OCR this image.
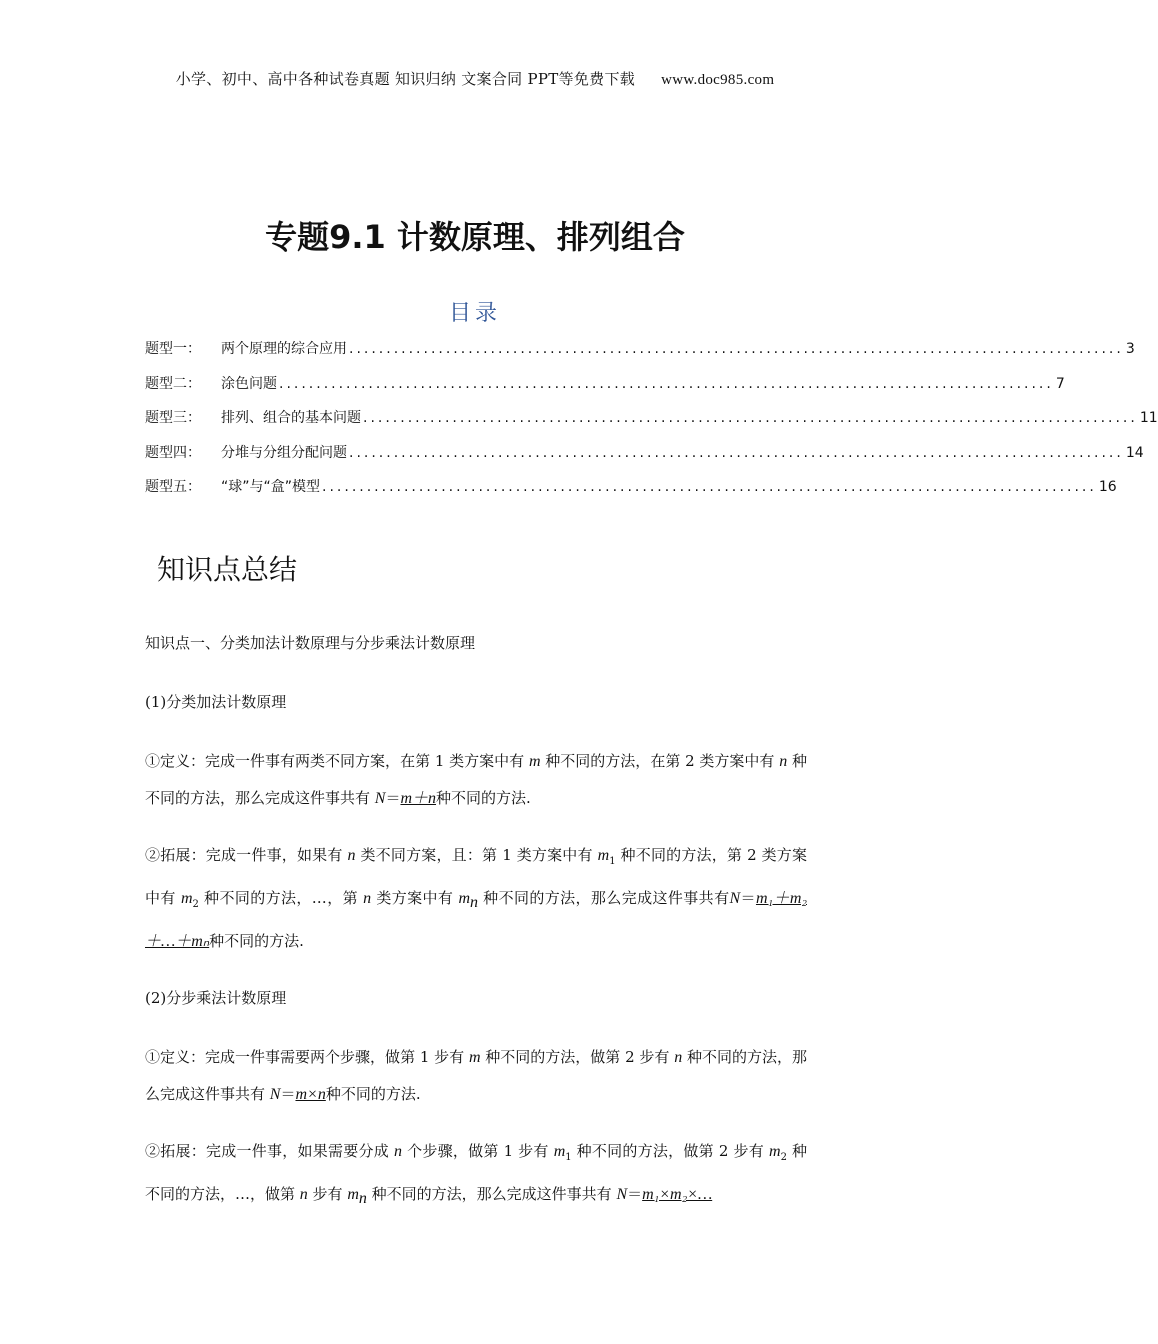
小学、初中、高中各种试卷真题 知识归纳 文案合同 PPT等免费下载 www.doc985.com
专题9.1 计数原理、排列组合
目录
题型一：	两个原理的综合应用 ........................................................................................................ 3
题型二：	涂色问题 ........................................................................................................ 7
题型三：	排列、组合的基本问题 ........................................................................................................ 11
题型四：	分堆与分组分配问题 ........................................................................................................ 14
题型五：	“球”与“盒”模型 ........................................................................................................ 16
知识点总结

知识点一、分类加法计数原理与分步乘法计数原理

(1)分类加法计数原理

①定义：完成一件事有两类不同方案，在第 1 类方案中有 m 种不同的方法，在第 2 类方案中有 n 种不同的方法，那么完成这件事共有 N＝m＋n种不同的方法.

②拓展：完成一件事，如果有 n 类不同方案，且：第 1 类方案中有 $m_1$ 种不同的方法，第 2 类方案中有 $m_2$ 种不同的方法，…，第 n 类方案中有 $m_n$ 种不同的方法，那么完成这件事共有N＝m₁＋m₂＋…＋mₙ种不同的方法.

(2)分步乘法计数原理

①定义：完成一件事需要两个步骤，做第 1 步有 m 种不同的方法，做第 2 步有 n 种不同的方法，那么完成这件事共有 N＝m×n种不同的方法.

②拓展：完成一件事，如果需要分成 n 个步骤，做第 1 步有 $m_1$ 种不同的方法，做第 2 步有 $m_2$ 种不同的方法，…，做第 n 步有 $m_n$ 种不同的方法，那么完成这件事共有 N＝m₁×m₂×…
